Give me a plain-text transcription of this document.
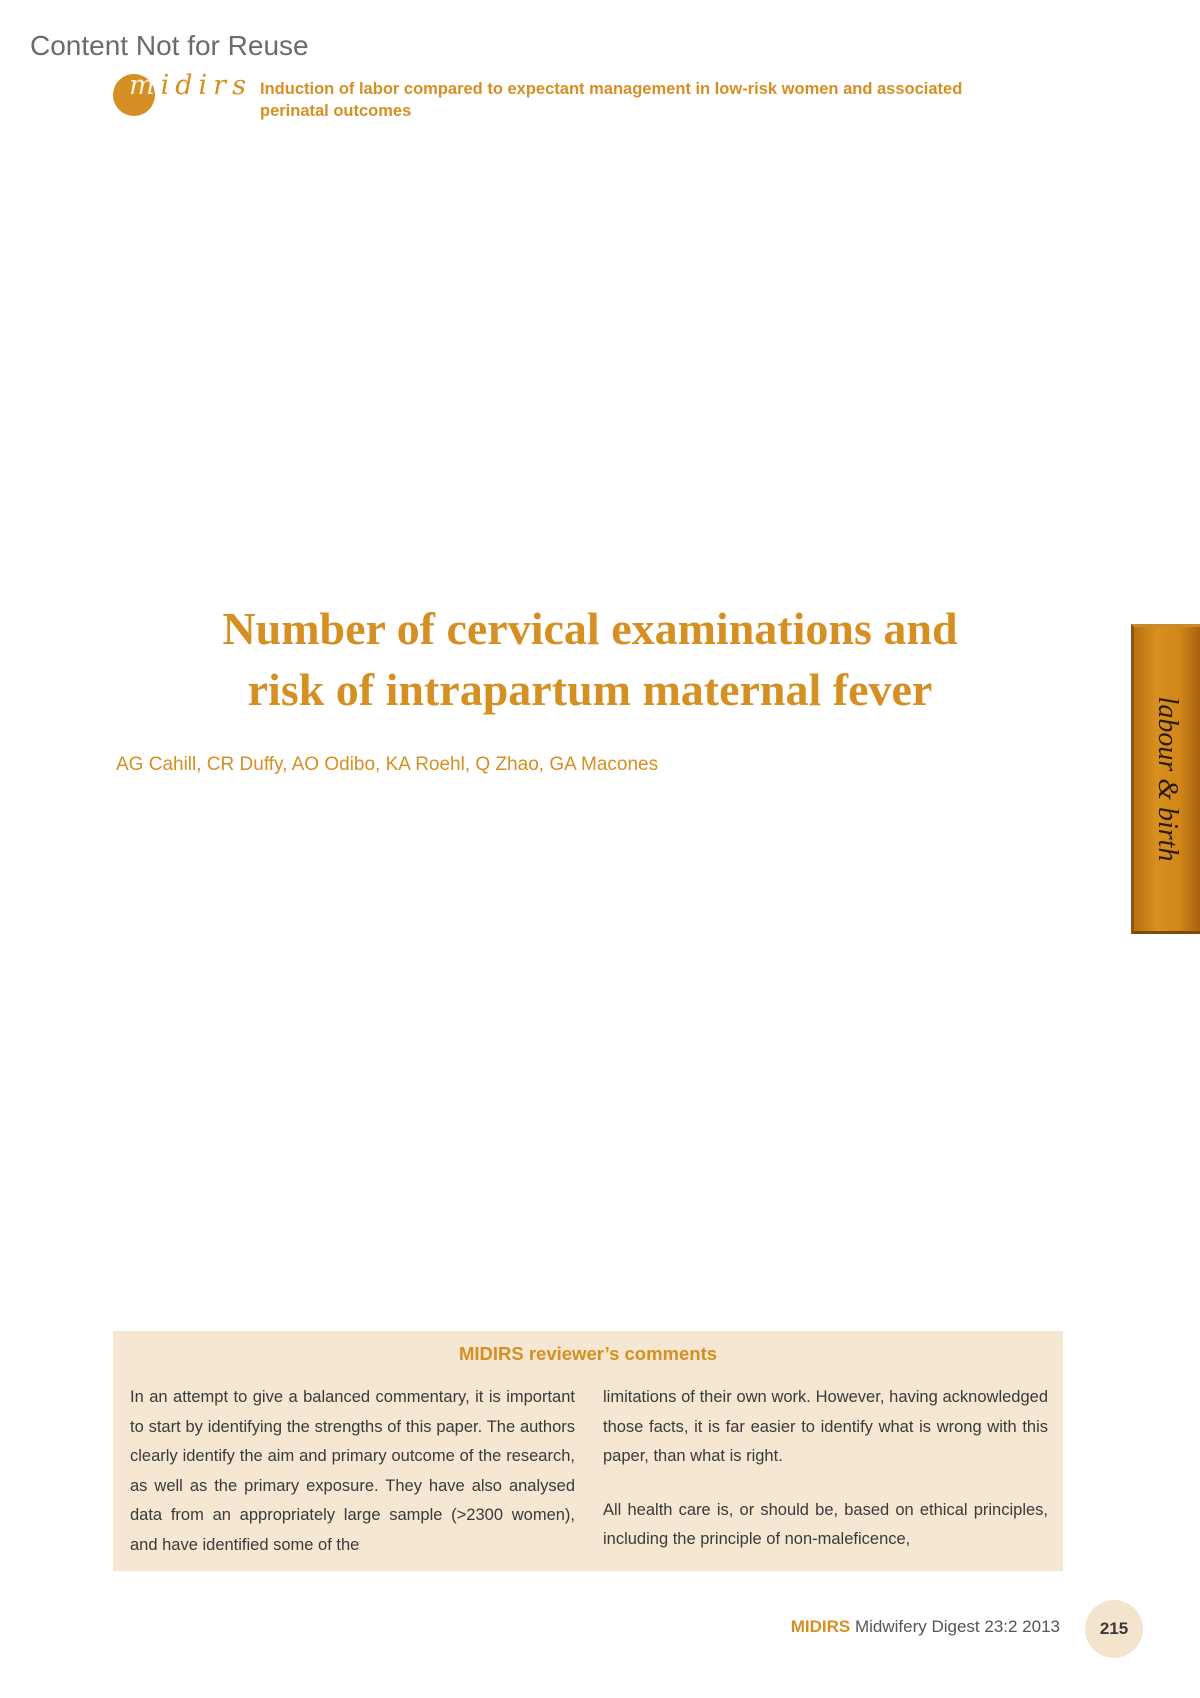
Content Not for Reuse
midirs Induction of labor compared to expectant management in low-risk women and associated perinatal outcomes
Number of cervical examinations and
risk of intrapartum maternal fever
AG Cahill, CR Duffy, AO Odibo, KA Roehl, Q Zhao, GA Macones	labour & birth
MIDIRS reviewer’s comments

In an attempt to give a balanced commentary, it is important to start by identifying the strengths of this paper. The authors clearly identify the aim and primary outcome of the research, as well as the primary exposure. They have also analysed data from an appropriately large sample (>2300 women), and have identified some of the

limitations of their own work. However, having acknowledged those facts, it is far easier to identify what is wrong with this paper, than what is right.

All health care is, or should be, based on ethical principles, including the principle of non-maleficence,

MIDIRS Midwifery Digest 23:2 2013	215
